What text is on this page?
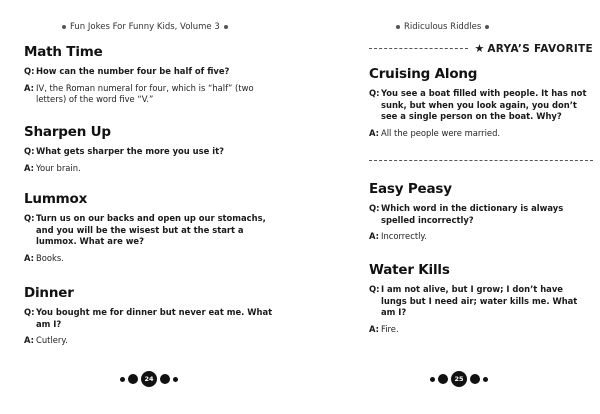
Fun Jokes For Funny Kids, Volume 3
Math Time
Q: How can the number four be half of five?
A: IV, the Roman numeral for four, which is “half” (two letters) of the word five “V.”
Sharpen Up
Q: What gets sharper the more you use it?
A: Your brain.
Lummox
Q: Turn us on our backs and open up our stomachs, and you will be the wisest but at the start a lummox. What are we?
A: Books.
Dinner
Q: You bought me for dinner but never eat me. What am I?
A: Cutlery.
24
Ridiculous Riddles
★ ARYA’S FAVORITE
Cruising Along
Q: You see a boat filled with people. It has not sunk, but when you look again, you don’t see a single person on the boat. Why?
A: All the people were married.
Easy Peasy
Q: Which word in the dictionary is always spelled incorrectly?
A: Incorrectly.
Water Kills
Q: I am not alive, but I grow; I don’t have lungs but I need air; water kills me. What am I?
A: Fire.
25
